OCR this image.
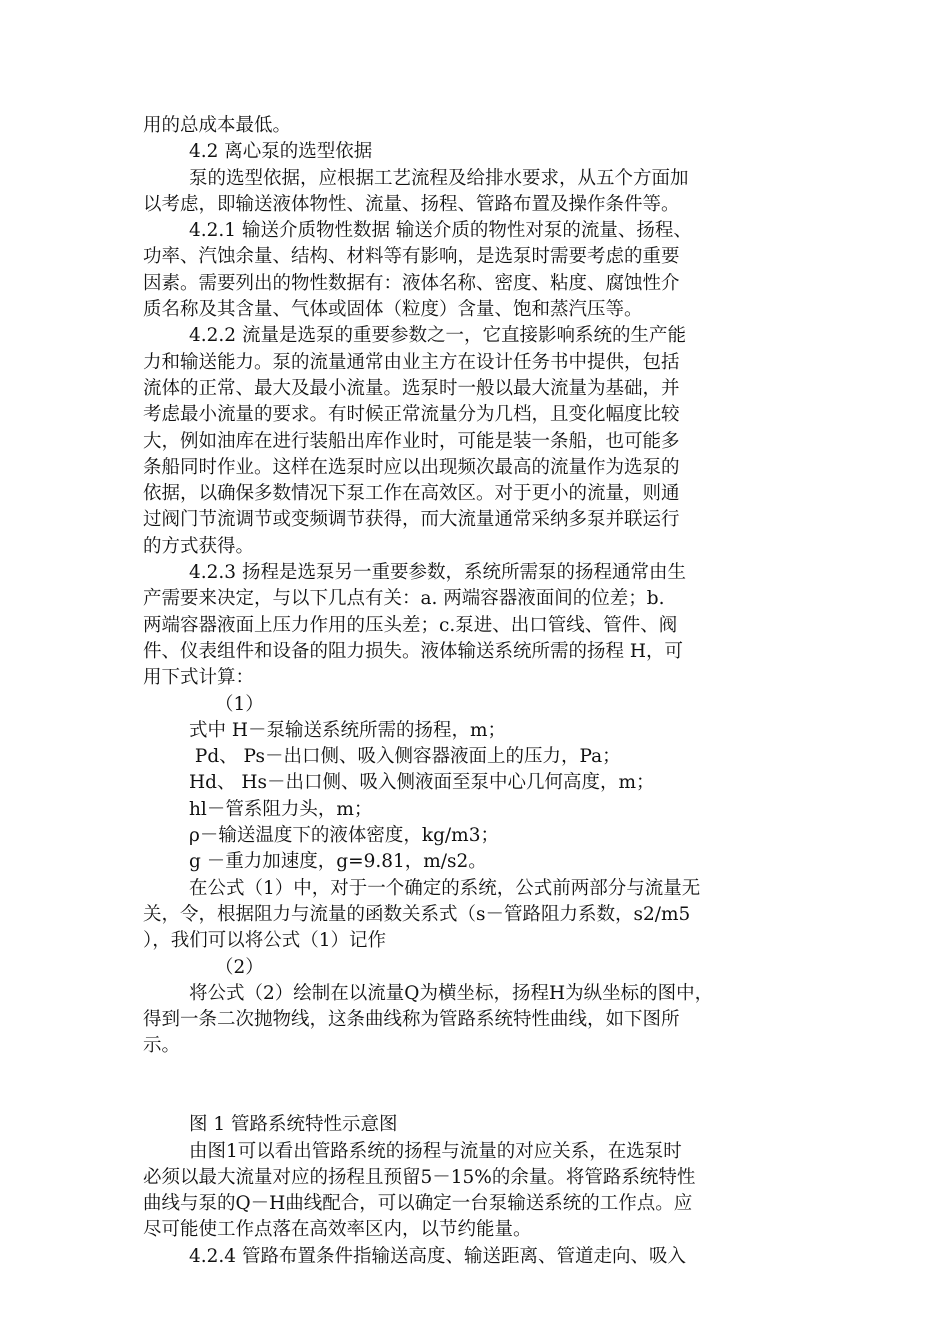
用的总成本最低。
4.2 离心泵的选型依据
泵的选型依据，应根据工艺流程及给排水要求，从五个方面加
以考虑，即输送液体物性、流量、扬程、管路布置及操作条件等。
4.2.1 输送介质物性数据 输送介质的物性对泵的流量、扬程、
功率、汽蚀余量、结构、材料等有影响，是选泵时需要考虑的重要
因素。需要列出的物性数据有：液体名称、密度、粘度、腐蚀性介
质名称及其含量、气体或固体（粒度）含量、饱和蒸汽压等。
4.2.2 流量是选泵的重要参数之一，它直接影响系统的生产能
力和输送能力。泵的流量通常由业主方在设计任务书中提供，包括
流体的正常、最大及最小流量。选泵时一般以最大流量为基础，并
考虑最小流量的要求。有时候正常流量分为几档，且变化幅度比较
大，例如油库在进行装船出库作业时，可能是装一条船，也可能多
条船同时作业。这样在选泵时应以出现频次最高的流量作为选泵的
依据，以确保多数情况下泵工作在高效区。对于更小的流量，则通
过阀门节流调节或变频调节获得，而大流量通常采纳多泵并联运行
的方式获得。
4.2.3 扬程是选泵另一重要参数，系统所需泵的扬程通常由生
产需要来决定，与以下几点有关：a. 两端容器液面间的位差；b.
两端容器液面上压力作用的压头差；c.泵进、出口管线、管件、阀
件、仪表组件和设备的阻力损失。液体输送系统所需的扬程 H，可
用下式计算：
（1）
式中 H－泵输送系统所需的扬程，m；
Pd、 Ps－出口侧、吸入侧容器液面上的压力，Pa；
Hd、 Hs－出口侧、吸入侧液面至泵中心几何高度，m；
hl－管系阻力头，m；
ρ－输送温度下的液体密度，kg/m3；
g －重力加速度，g=9.81，m/s2。
在公式（1）中，对于一个确定的系统，公式前两部分与流量无
关，令，根据阻力与流量的函数关系式（s－管路阻力系数，s2/m5
），我们可以将公式（1）记作
（2）
将公式（2）绘制在以流量Q为横坐标，扬程H为纵坐标的图中，
得到一条二次抛物线，这条曲线称为管路系统特性曲线，如下图所
示。
图 1 管路系统特性示意图
由图1可以看出管路系统的扬程与流量的对应关系，在选泵时
必须以最大流量对应的扬程且预留5－15%的余量。将管路系统特性
曲线与泵的Q－H曲线配合，可以确定一台泵输送系统的工作点。应
尽可能使工作点落在高效率区内，以节约能量。
4.2.4 管路布置条件指输送高度、输送距离、管道走向、吸入
